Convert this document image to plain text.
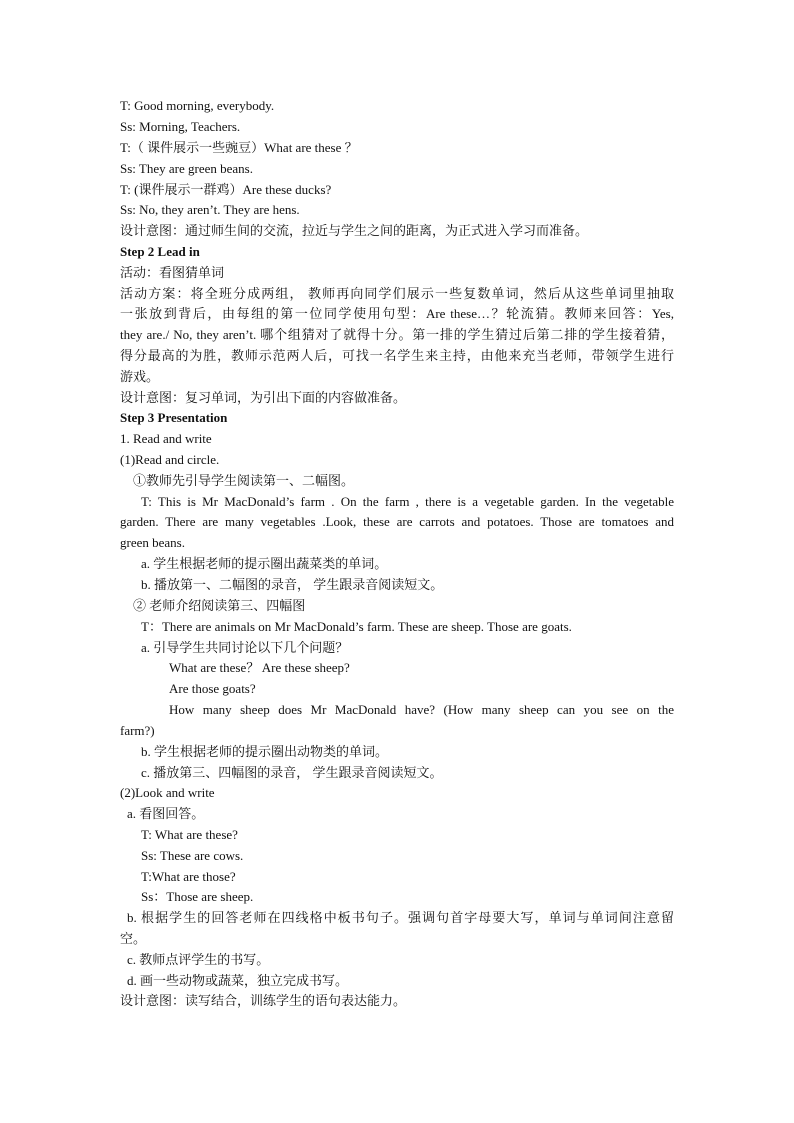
T: Good morning, everybody.
Ss: Morning, Teachers.
T:（ 课件展示一些豌豆）What are these ？
Ss: They are green beans.
T: (课件展示一群鸡）Are these ducks?
Ss: No, they aren’t. They are hens.
设计意图：通过师生间的交流，拉近与学生之间的距离，为正式进入学习而准备。
Step 2 Lead in
活动：看图猜单词
活动方案：将全班分成两组， 教师再向同学们展示一些复数单词，然后从这些单词里抽取
一张放到背后，由每组的第一位同学使用句型：Are these…？轮流猜。教师来回答：Yes,
they are./ No, they aren’t. 哪个组猜对了就得十分。第一排的学生猜过后第二排的学生接着猜，
得分最高的为胜，教师示范两人后，可找一名学生来主持，由他来充当老师，带领学生进行
游戏。
设计意图：复习单词，为引出下面的内容做准备。
Step 3 Presentation
1. Read and write
(1)Read and circle.
①教师先引导学生阅读第一、二幅图。
T: This is Mr MacDonald’s farm . On the farm , there is a vegetable garden. In the vegetable
garden. There are many vegetables .Look, these are carrots and potatoes. Those are tomatoes and
green beans.
a. 学生根据老师的提示圈出蔬菜类的单词。
b. 播放第一、二幅图的录音， 学生跟录音阅读短文。
② 老师介绍阅读第三、四幅图
T：There are animals on Mr MacDonald’s farm. These are sheep. Those are goats.
a. 引导学生共同讨论以下几个问题？
What are these？ Are these sheep?
Are those goats?
How many sheep does Mr MacDonald have? (How many sheep can you see on the
farm?)
b. 学生根据老师的提示圈出动物类的单词。
c. 播放第三、四幅图的录音， 学生跟录音阅读短文。
(2)Look and write
a. 看图回答。
T: What are these?
Ss: These are cows.
T:What are those?
Ss：Those are sheep.
b. 根据学生的回答老师在四线格中板书句子。强调句首字母要大写，单词与单词间注意留
空。
c. 教师点评学生的书写。
d. 画一些动物或蔬菜，独立完成书写。
设计意图：读写结合，训练学生的语句表达能力。
